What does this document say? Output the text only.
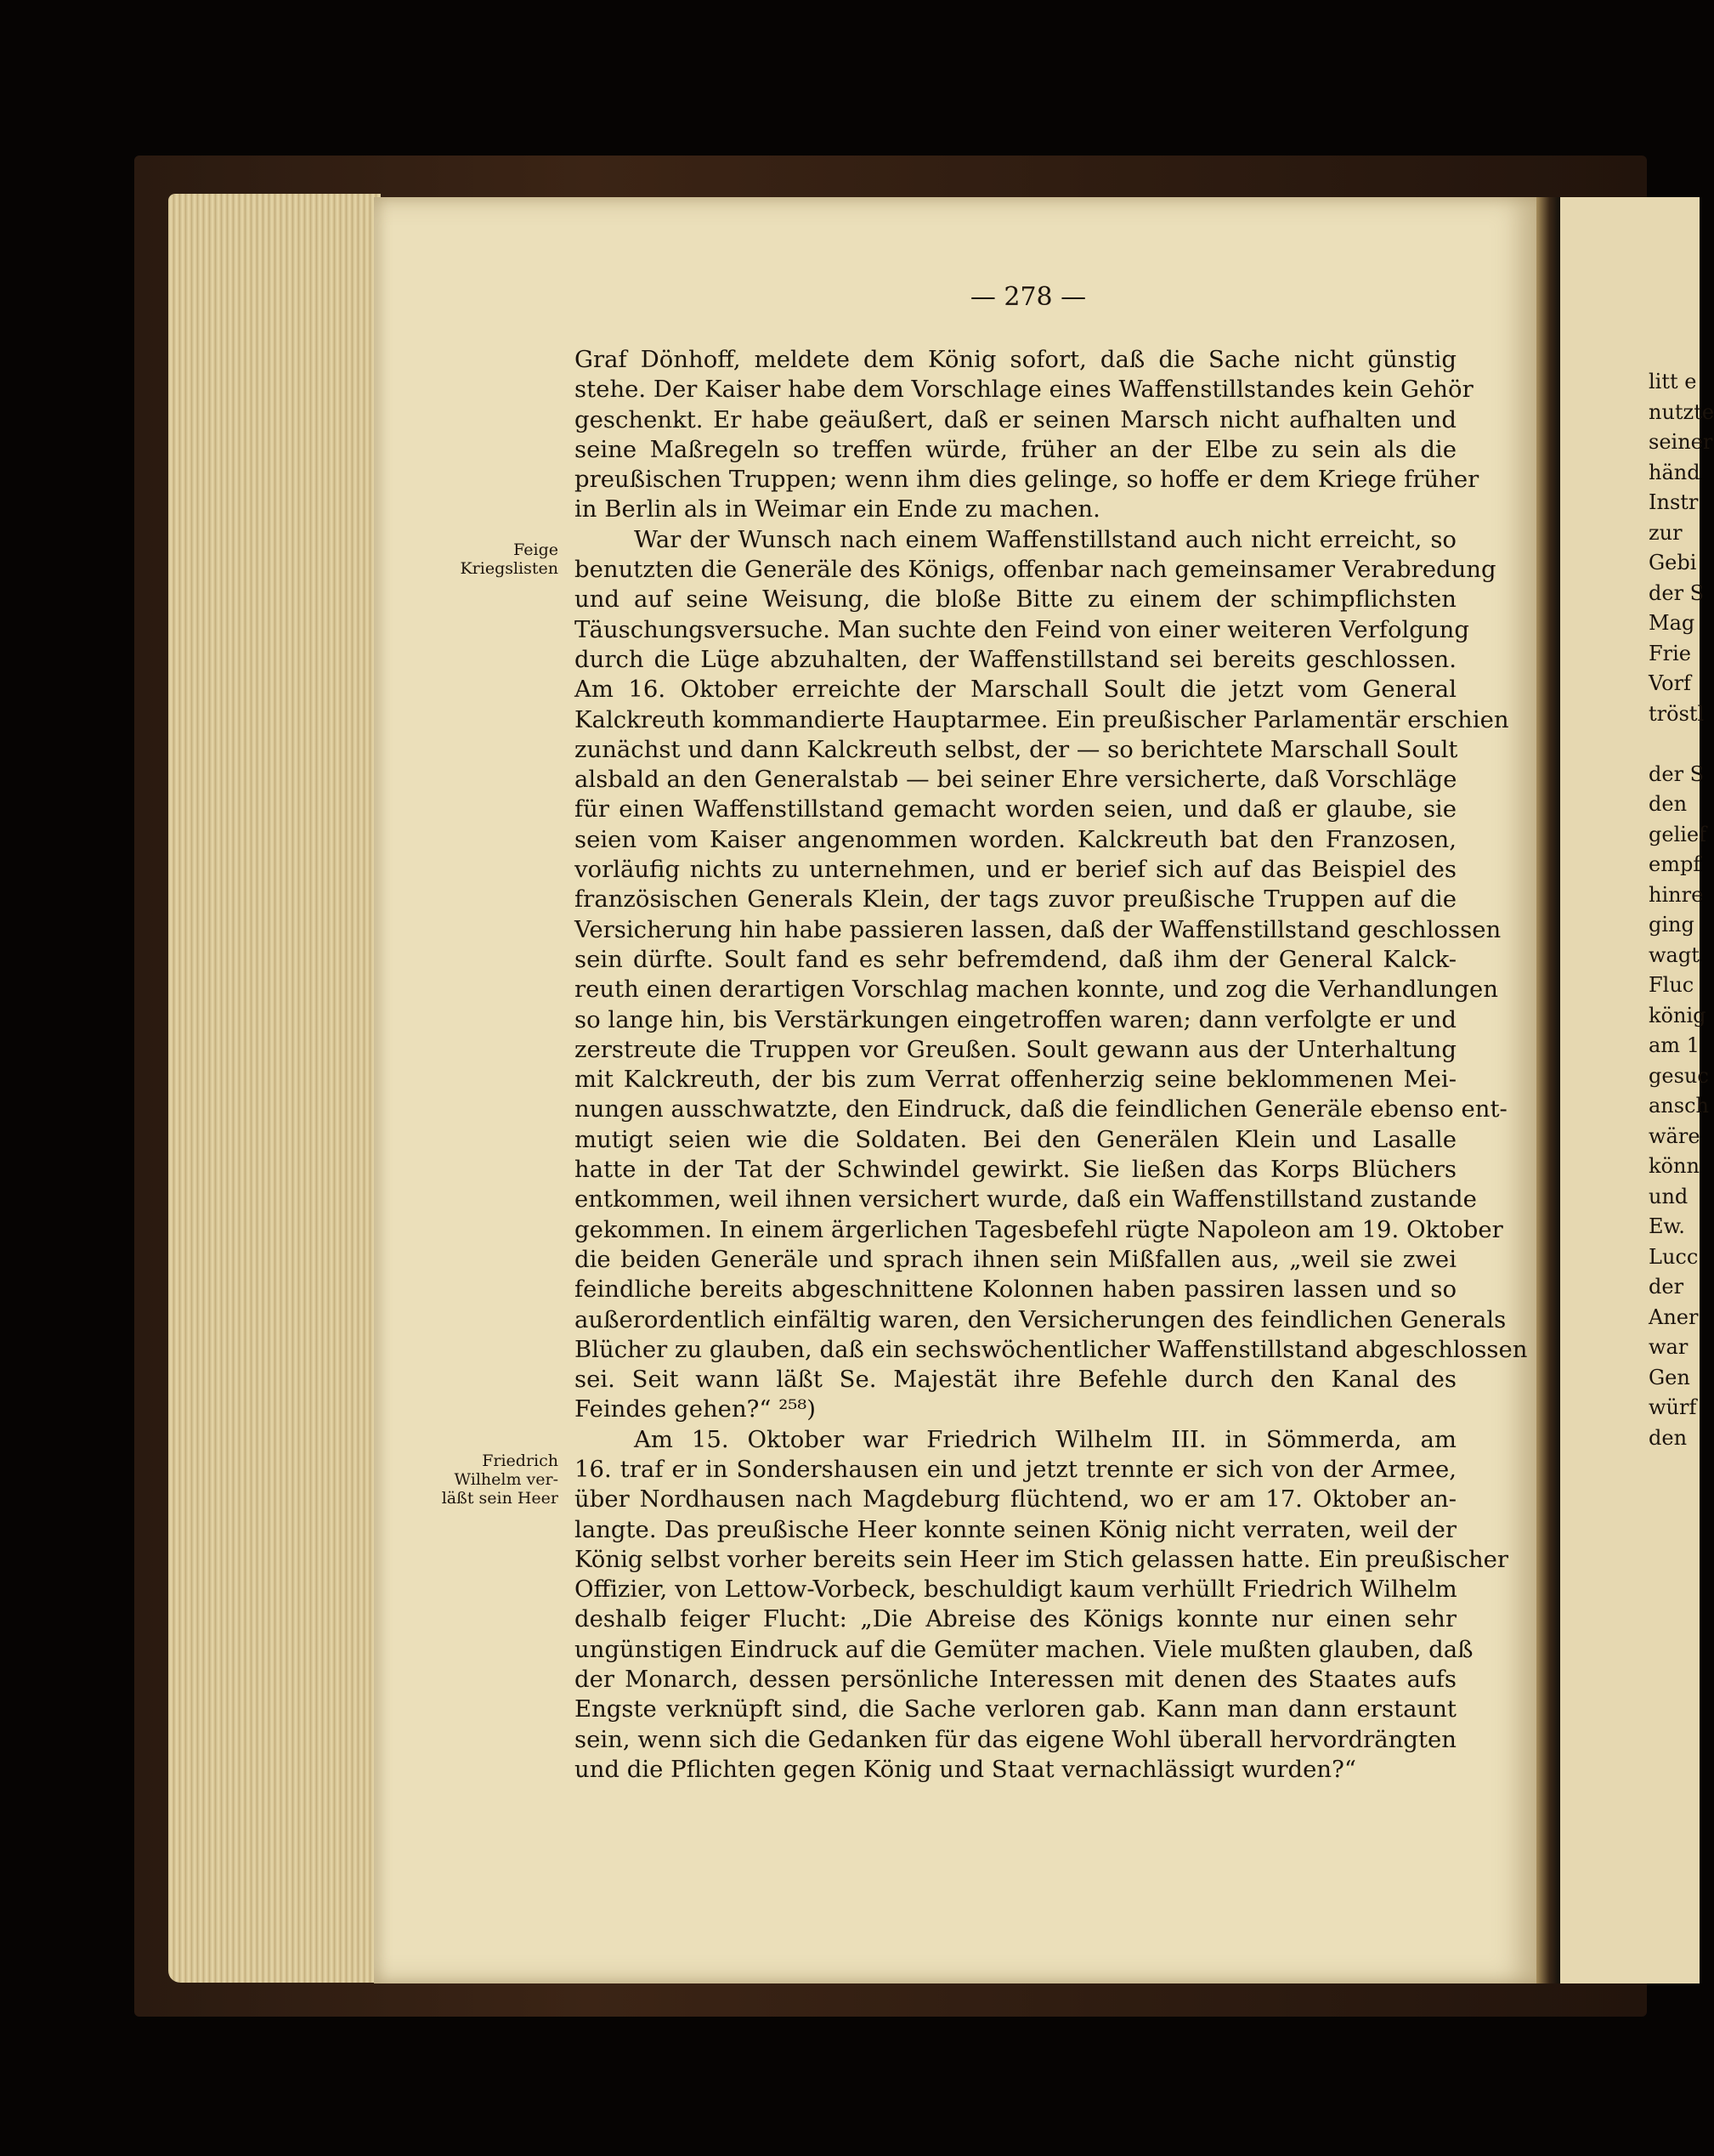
— 278 —
Graf Dönhoff, meldete dem König sofort, daß die Sache nicht günstig
stehe. Der Kaiser habe dem Vorschlage eines Waffenstillstandes kein Gehör
geschenkt. Er habe geäußert, daß er seinen Marsch nicht aufhalten und
seine Maßregeln so treffen würde, früher an der Elbe zu sein als die
preußischen Truppen; wenn ihm dies gelinge, so hoffe er dem Kriege früher
in Berlin als in Weimar ein Ende zu machen.
War der Wunsch nach einem Waffenstillstand auch nicht erreicht, so
benutzten die Generäle des Königs, offenbar nach gemeinsamer Verabredung
und auf seine Weisung, die bloße Bitte zu einem der schimpflichsten
Täuschungsversuche. Man suchte den Feind von einer weiteren Verfolgung
durch die Lüge abzuhalten, der Waffenstillstand sei bereits geschlossen.
Am 16. Oktober erreichte der Marschall Soult die jetzt vom General
Kalckreuth kommandierte Hauptarmee. Ein preußischer Parlamentär erschien
zunächst und dann Kalckreuth selbst, der — so berichtete Marschall Soult
alsbald an den Generalstab — bei seiner Ehre versicherte, daß Vorschläge
für einen Waffenstillstand gemacht worden seien, und daß er glaube, sie
seien vom Kaiser angenommen worden. Kalckreuth bat den Franzosen,
vorläufig nichts zu unternehmen, und er berief sich auf das Beispiel des
französischen Generals Klein, der tags zuvor preußische Truppen auf die
Versicherung hin habe passieren lassen, daß der Waffenstillstand geschlossen
sein dürfte. Soult fand es sehr befremdend, daß ihm der General Kalck-
reuth einen derartigen Vorschlag machen konnte, und zog die Verhandlungen
so lange hin, bis Verstärkungen eingetroffen waren; dann verfolgte er und
zerstreute die Truppen vor Greußen. Soult gewann aus der Unterhaltung
mit Kalckreuth, der bis zum Verrat offenherzig seine beklommenen Mei-
nungen ausschwatzte, den Eindruck, daß die feindlichen Generäle ebenso ent-
mutigt seien wie die Soldaten. Bei den Generälen Klein und Lasalle
hatte in der Tat der Schwindel gewirkt. Sie ließen das Korps Blüchers
entkommen, weil ihnen versichert wurde, daß ein Waffenstillstand zustande
gekommen. In einem ärgerlichen Tagesbefehl rügte Napoleon am 19. Oktober
die beiden Generäle und sprach ihnen sein Mißfallen aus, „weil sie zwei
feindliche bereits abgeschnittene Kolonnen haben passiren lassen und so
außerordentlich einfältig waren, den Versicherungen des feindlichen Generals
Blücher zu glauben, daß ein sechswöchentlicher Waffenstillstand abgeschlossen
sei. Seit wann läßt Se. Majestät ihre Befehle durch den Kanal des
Feindes gehen?“ ²⁵⁸)
Am 15. Oktober war Friedrich Wilhelm III. in Sömmerda, am
16. traf er in Sondershausen ein und jetzt trennte er sich von der Armee,
über Nordhausen nach Magdeburg flüchtend, wo er am 17. Oktober an-
langte. Das preußische Heer konnte seinen König nicht verraten, weil der
König selbst vorher bereits sein Heer im Stich gelassen hatte. Ein preußischer
Offizier, von Lettow-Vorbeck, beschuldigt kaum verhüllt Friedrich Wilhelm
deshalb feiger Flucht: „Die Abreise des Königs konnte nur einen sehr
ungünstigen Eindruck auf die Gemüter machen. Viele mußten glauben, daß
der Monarch, dessen persönliche Interessen mit denen des Staates aufs
Engste verknüpft sind, die Sache verloren gab. Kann man dann erstaunt
sein, wenn sich die Gedanken für das eigene Wohl überall hervordrängten
und die Pflichten gegen König und Staat vernachlässigt wurden?“
Feige
Kriegslisten
Friedrich
Wilhelm ver-
läßt sein Heer
litt e
nutzte
seiner
händ
Instr
zur
Gebi
der S
Mag
Frie
Vorf
tröstl
der S
den
gelief
empf
hinre
ging
wagt
Fluc
könig
am 1
gesuc
ansch
wäre
könn
und
Ew.
Lucc
der
Aner
war
Gen
würf
den
